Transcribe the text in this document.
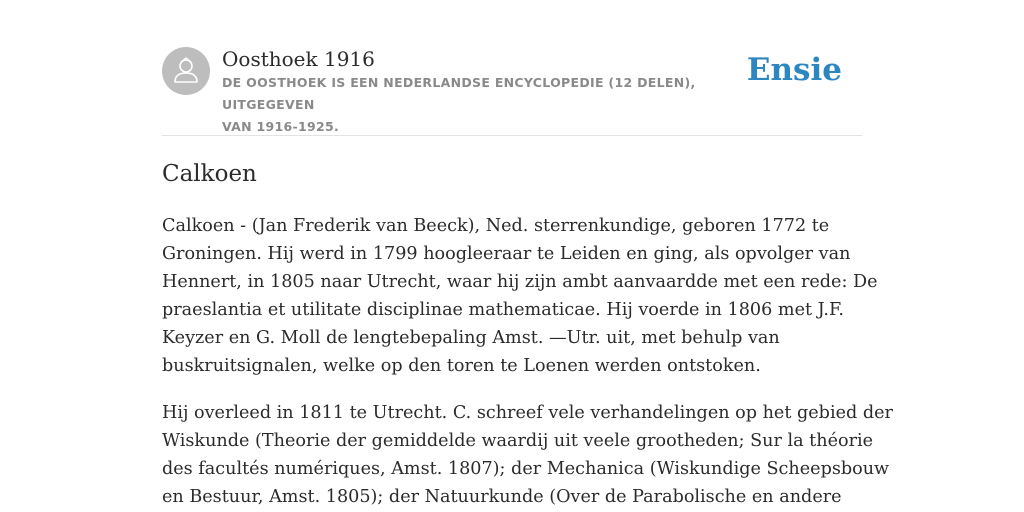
Oosthoek 1916
DE OOSTHOEK IS EEN NEDERLANDSE ENCYCLOPEDIE (12 DELEN), UITGEGEVEN
VAN 1916-1925.
Ensie
Calkoen

Calkoen - (Jan Frederik van Beeck), Ned. sterrenkundige, geboren 1772 te
Groningen. Hij werd in 1799 hoogleeraar te Leiden en ging, als opvolger van
Hennert, in 1805 naar Utrecht, waar hij zijn ambt aanvaardde met een rede: De
praeslantia et utilitate disciplinae mathematicae. Hij voerde in 1806 met J.F.
Keyzer en G. Moll de lengtebepaling Amst. —Utr. uit, met behulp van
buskruitsignalen, welke op den toren te Loenen werden ontstoken.

Hij overleed in 1811 te Utrecht. C. schreef vele verhandelingen op het gebied der
Wiskunde (Theorie der gemiddelde waardij uit veele grootheden; Sur la théorie
des facultés numériques, Amst. 1807); der Mechanica (Wiskundige Scheepsbouw
en Bestuur, Amst. 1805); der Natuurkunde (Over de Parabolische en andere
